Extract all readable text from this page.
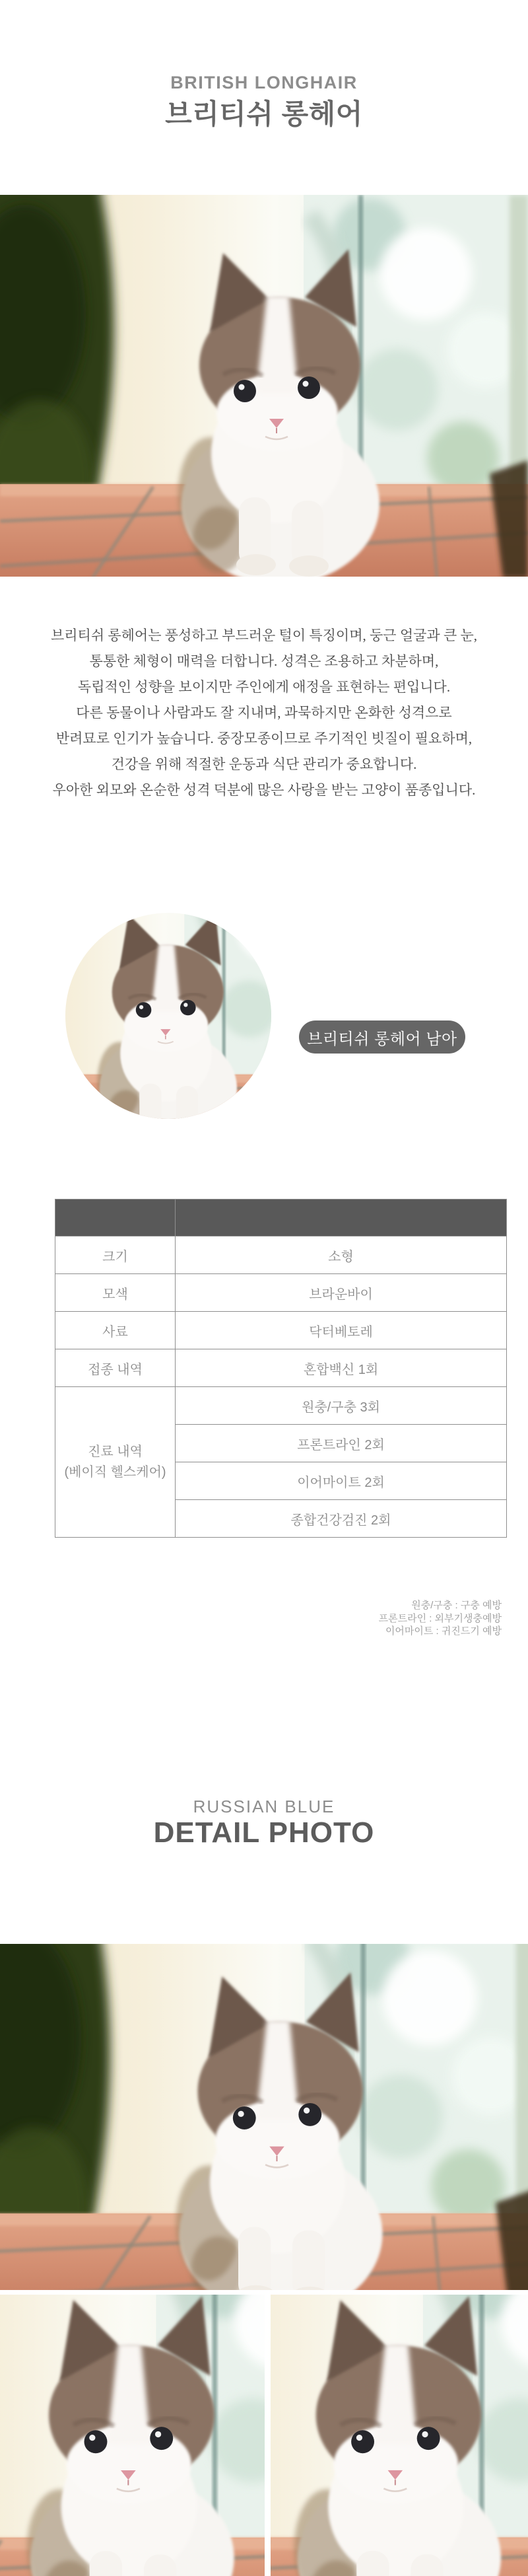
BRITISH LONGHAIR
브리티쉬 롱헤어
브리티쉬 롱헤어는 풍성하고 부드러운 털이 특징이며, 둥근 얼굴과 큰 눈,
통통한 체형이 매력을 더합니다. 성격은 조용하고 차분하며,
독립적인 성향을 보이지만 주인에게 애정을 표현하는 편입니다.
다른 동물이나 사람과도 잘 지내며, 과묵하지만 온화한 성격으로
반려묘로 인기가 높습니다. 중장모종이므로 주기적인 빗질이 필요하며,
건강을 위해 적절한 운동과 식단 관리가 중요합니다.
우아한 외모와 온순한 성격 덕분에 많은 사랑을 받는 고양이 품종입니다.
브리티쉬 롱헤어 남아

크기	소형
모색	브라운바이
사료	닥터베토레
접종 내역	혼합백신 1회

진료 내역
(베이직 헬스케어)	원충/구충 3회
	프론트라인 2회
	이어마이트 2회
	종합건강검진 2회
원충/구충 : 구충 예방
프론트라인 : 외부기생충예방
이어마이트 : 귀진드기 예방
RUSSIAN BLUE
DETAIL PHOTO
